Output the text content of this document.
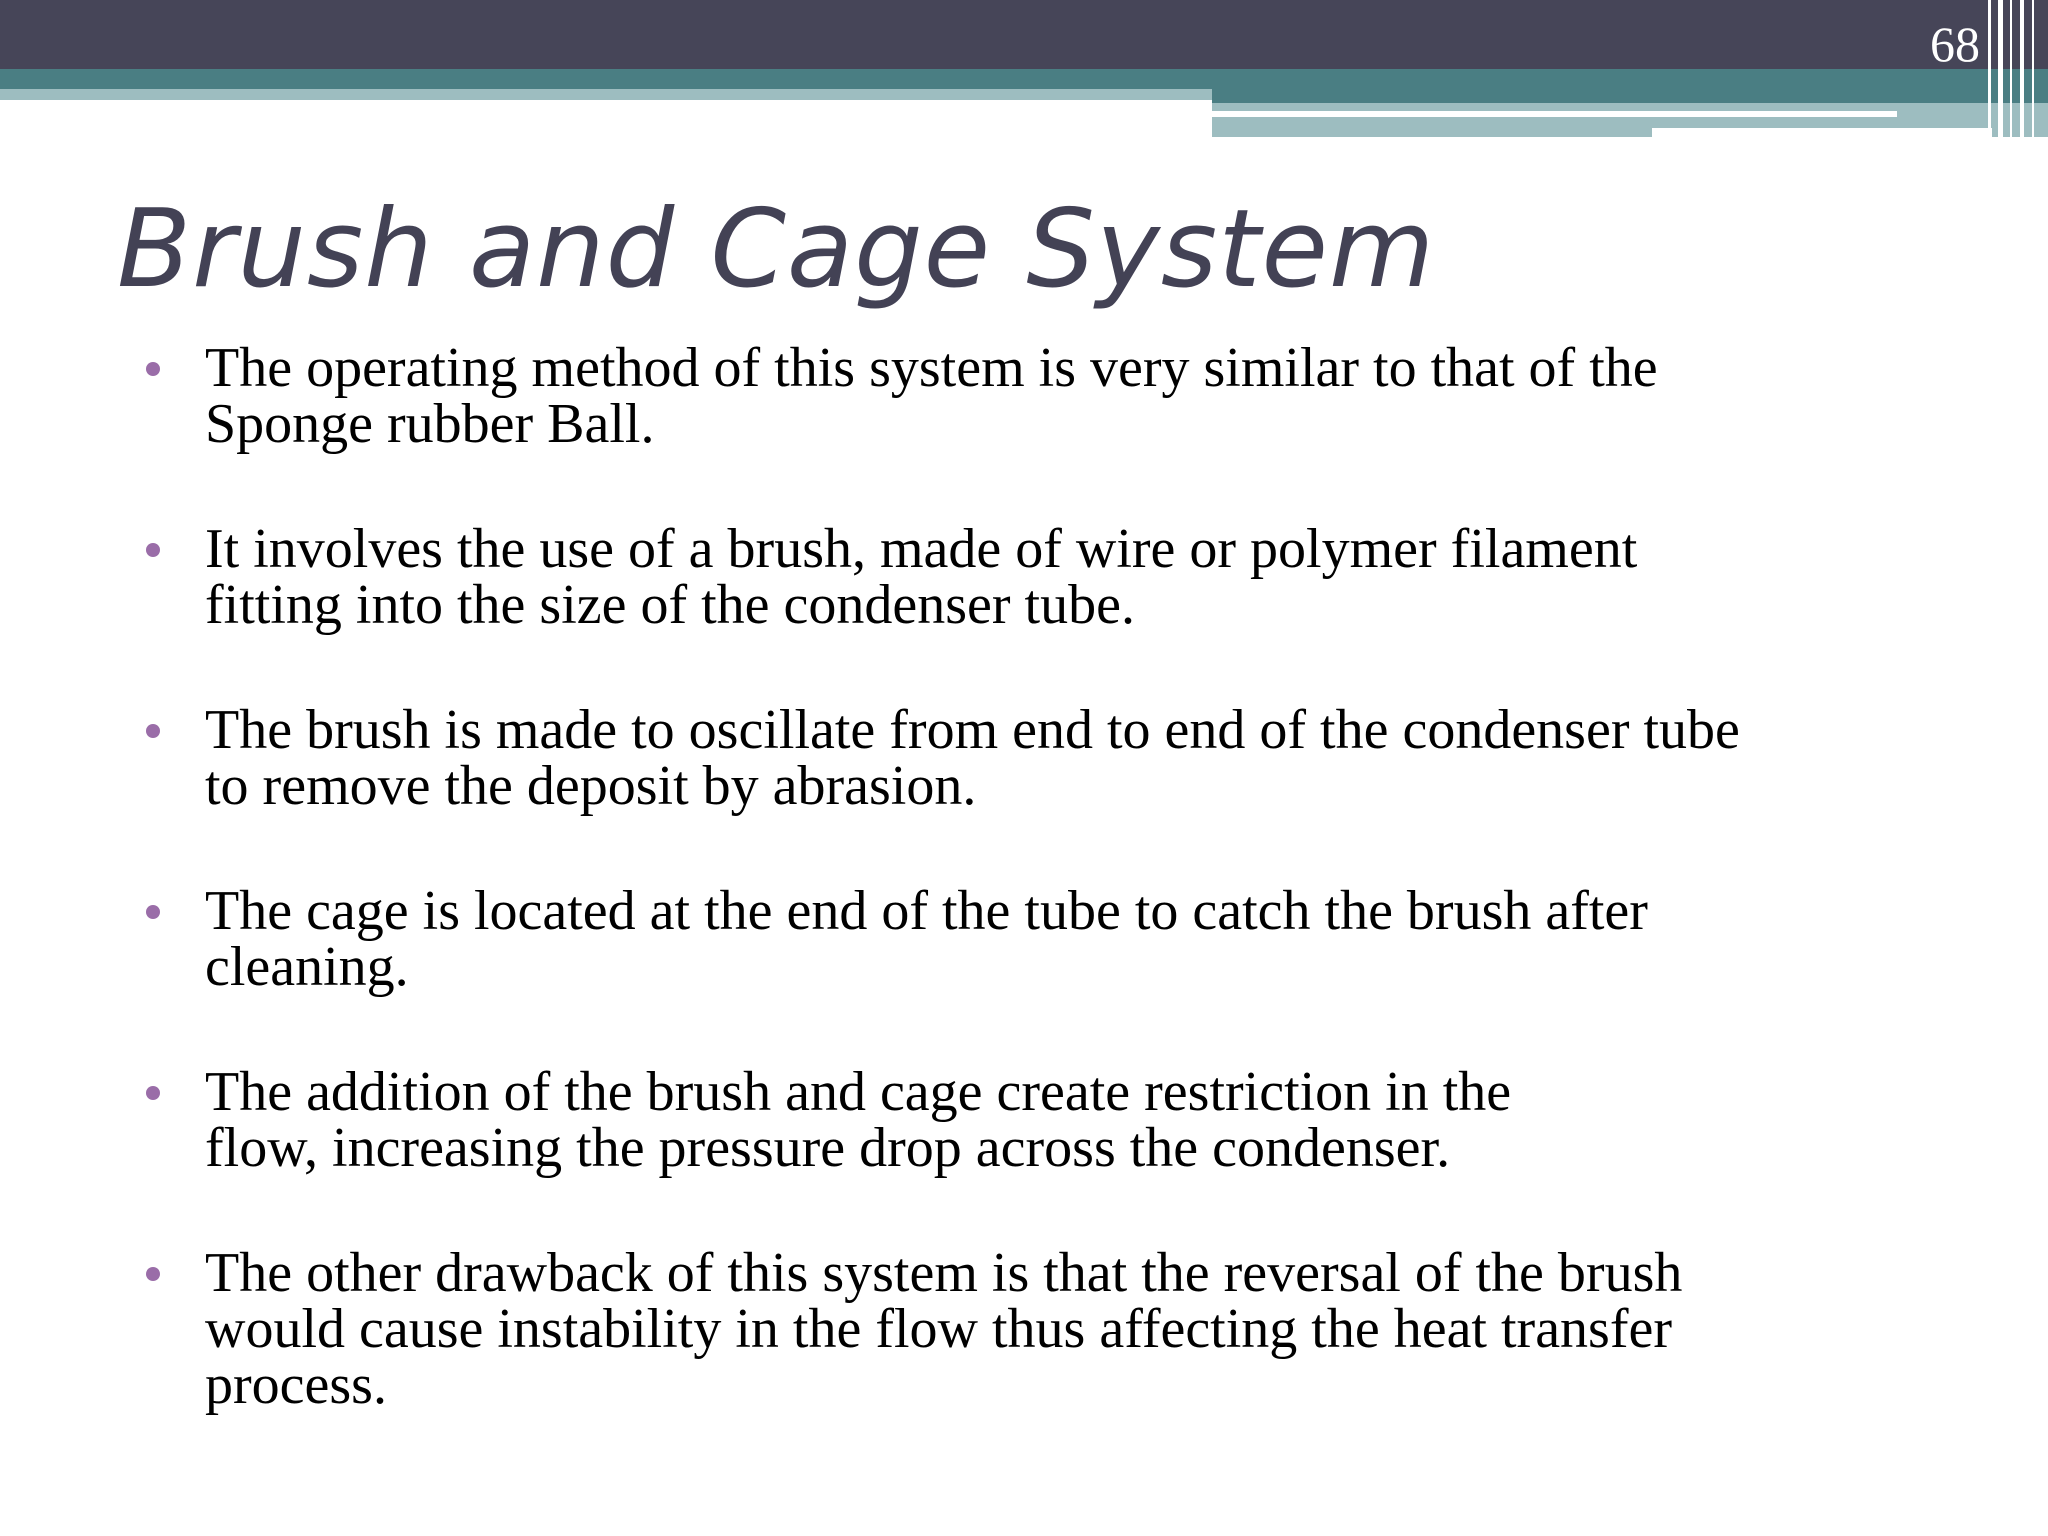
68
Brush and Cage System
The operating method of this system is very similar to that of the
Sponge rubber Ball.
It involves the use of a brush, made of wire or polymer filament
fitting into the size of the condenser tube.
The brush is made to oscillate from end to end of the condenser tube
to remove the deposit by abrasion.
The cage is located at the end of the tube to catch the brush after
cleaning.
The addition of the brush and cage create restriction in the
flow, increasing the pressure drop across the condenser.
The other drawback of this system is that the reversal of the brush
would cause instability in the flow thus affecting the heat transfer
process.
